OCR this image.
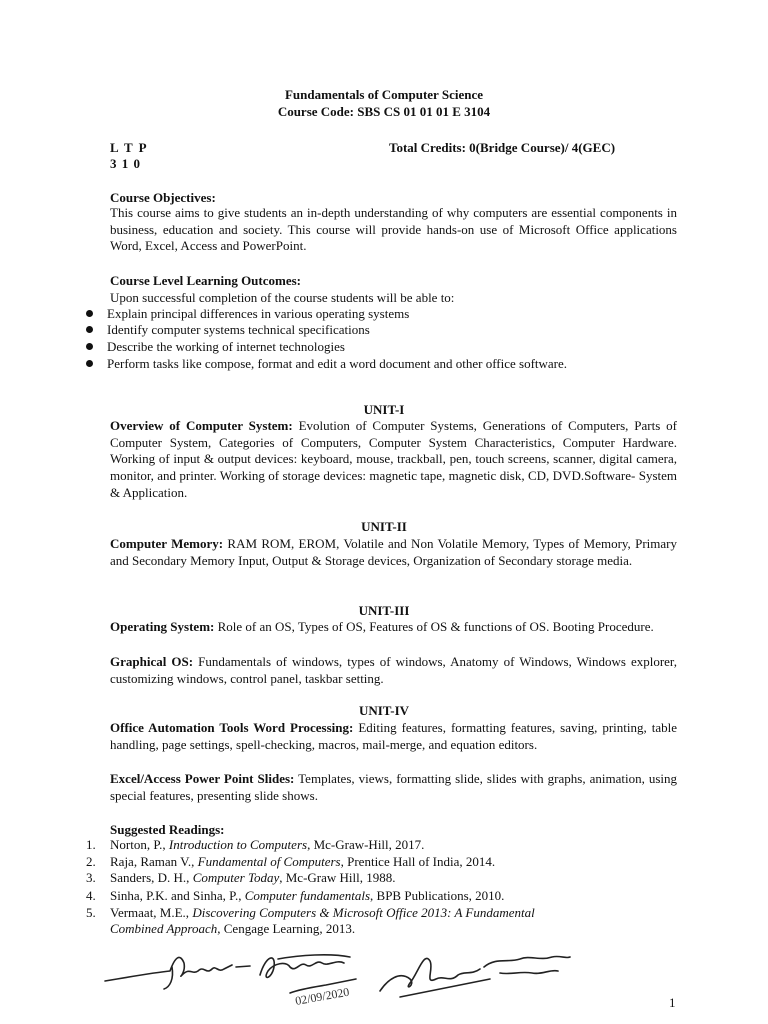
Fundamentals of Computer Science
Course Code: SBS CS 01 01 01 E 3104
L T P
3 1 0
Total Credits: 0(Bridge Course)/ 4(GEC)
Course Objectives:
This course aims to give students an in-depth understanding of why computers are essential components in business, education and society. This course will provide hands-on use of Microsoft Office applications Word, Excel, Access and PowerPoint.
Course Level Learning Outcomes:
Upon successful completion of the course students will be able to:
Explain principal differences in various operating systems
Identify computer systems technical specifications
Describe the working of internet technologies
Perform tasks like compose, format and edit a word document and other office software.
UNIT-I
Overview of Computer System: Evolution of Computer Systems, Generations of Computers, Parts of Computer System, Categories of Computers, Computer System Characteristics, Computer Hardware. Working of input & output devices: keyboard, mouse, trackball, pen, touch screens, scanner, digital camera, monitor, and printer. Working of storage devices: magnetic tape, magnetic disk, CD, DVD.Software- System & Application.
UNIT-II
Computer Memory: RAM ROM, EROM, Volatile and Non Volatile Memory, Types of Memory, Primary and Secondary Memory Input, Output & Storage devices, Organization of Secondary storage media.
UNIT-III
Operating System: Role of an OS, Types of OS, Features of OS & functions of OS. Booting Procedure.
Graphical OS: Fundamentals of windows, types of windows, Anatomy of Windows, Windows explorer, customizing windows, control panel, taskbar setting.
UNIT-IV
Office Automation Tools Word Processing: Editing features, formatting features, saving, printing, table handling, page settings, spell-checking, macros, mail-merge, and equation editors.
Excel/Access Power Point Slides: Templates, views, formatting slide, slides with graphs, animation, using special features, presenting slide shows.
Suggested Readings:
1. Norton, P., Introduction to Computers, Mc-Graw-Hill, 2017.
2. Raja, Raman V., Fundamental of Computers, Prentice Hall of India, 2014.
3. Sanders, D. H., Computer Today, Mc-Graw Hill, 1988.
4. Sinha, P.K. and Sinha, P., Computer fundamentals, BPB Publications, 2010.
5. Vermaat, M.E., Discovering Computers & Microsoft Office 2013: A Fundamental
Combined Approach, Cengage Learning, 2013.
02/09/2020	1
